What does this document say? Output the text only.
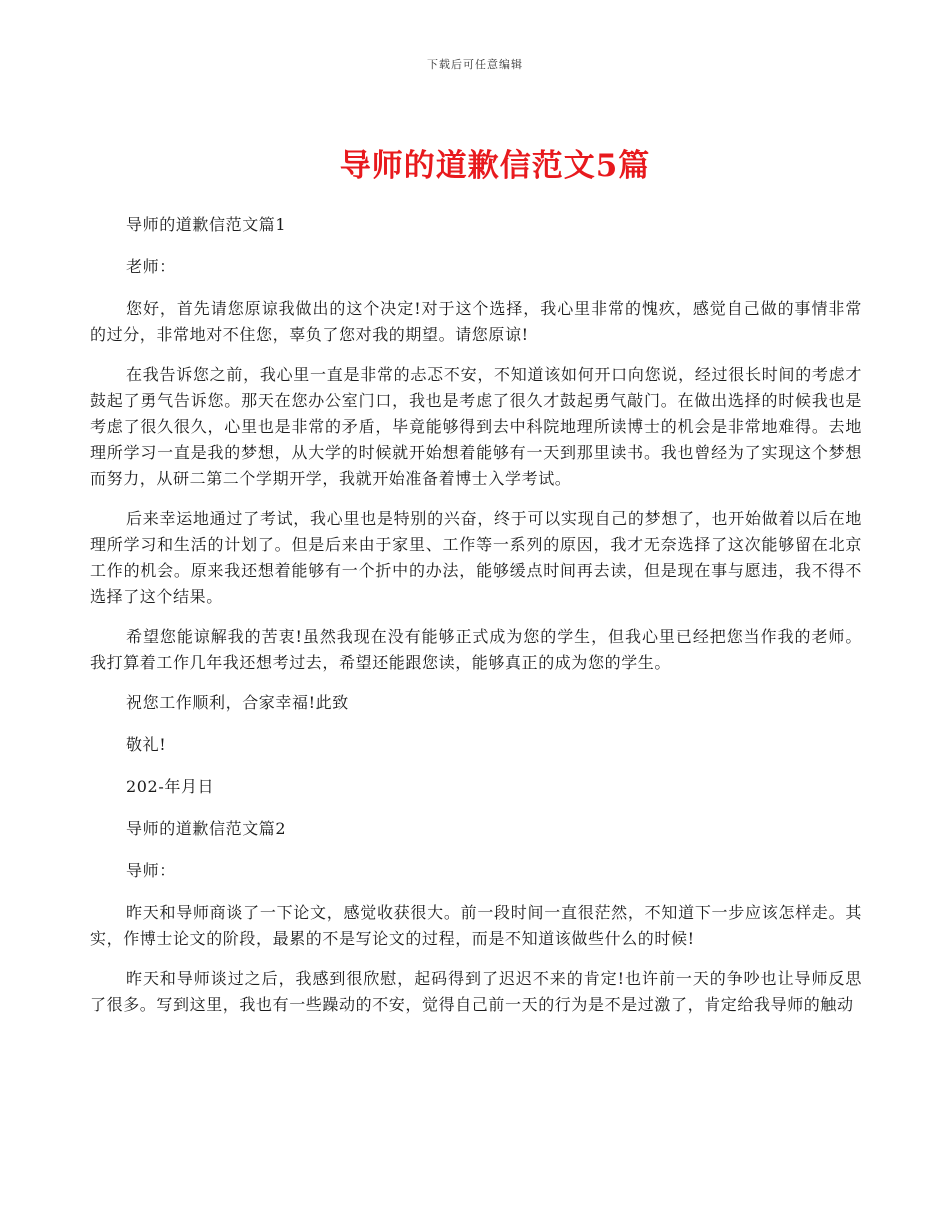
下载后可任意编辑
导师的道歉信范文5篇

导师的道歉信范文篇1

老师：

您好，首先请您原谅我做出的这个决定!对于这个选择，我心里非常的愧疚，感觉自己做的事情非常的过分，非常地对不住您，辜负了您对我的期望。请您原谅!

在我告诉您之前，我心里一直是非常的忐忑不安，不知道该如何开口向您说，经过很长时间的考虑才鼓起了勇气告诉您。那天在您办公室门口，我也是考虑了很久才鼓起勇气敲门。在做出选择的时候我也是考虑了很久很久，心里也是非常的矛盾，毕竟能够得到去中科院地理所读博士的机会是非常地难得。去地理所学习一直是我的梦想，从大学的时候就开始想着能够有一天到那里读书。我也曾经为了实现这个梦想而努力，从研二第二个学期开学，我就开始准备着博士入学考试。

后来幸运地通过了考试，我心里也是特别的兴奋，终于可以实现自己的梦想了，也开始做着以后在地理所学习和生活的计划了。但是后来由于家里、工作等一系列的原因，我才无奈选择了这次能够留在北京工作的机会。原来我还想着能够有一个折中的办法，能够缓点时间再去读，但是现在事与愿违，我不得不选择了这个结果。

希望您能谅解我的苦衷!虽然我现在没有能够正式成为您的学生，但我心里已经把您当作我的老师。我打算着工作几年我还想考过去，希望还能跟您读，能够真正的成为您的学生。

祝您工作顺利，合家幸福!此致

敬礼!

202-年月日

导师的道歉信范文篇2

导师：

昨天和导师商谈了一下论文，感觉收获很大。前一段时间一直很茫然，不知道下一步应该怎样走。其实，作博士论文的阶段，最累的不是写论文的过程，而是不知道该做些什么的时候!

昨天和导师谈过之后，我感到很欣慰，起码得到了迟迟不来的肯定!也许前一天的争吵也让导师反思了很多。写到这里，我也有一些躁动的不安，觉得自己前一天的行为是不是过激了，肯定给我导师的触动
